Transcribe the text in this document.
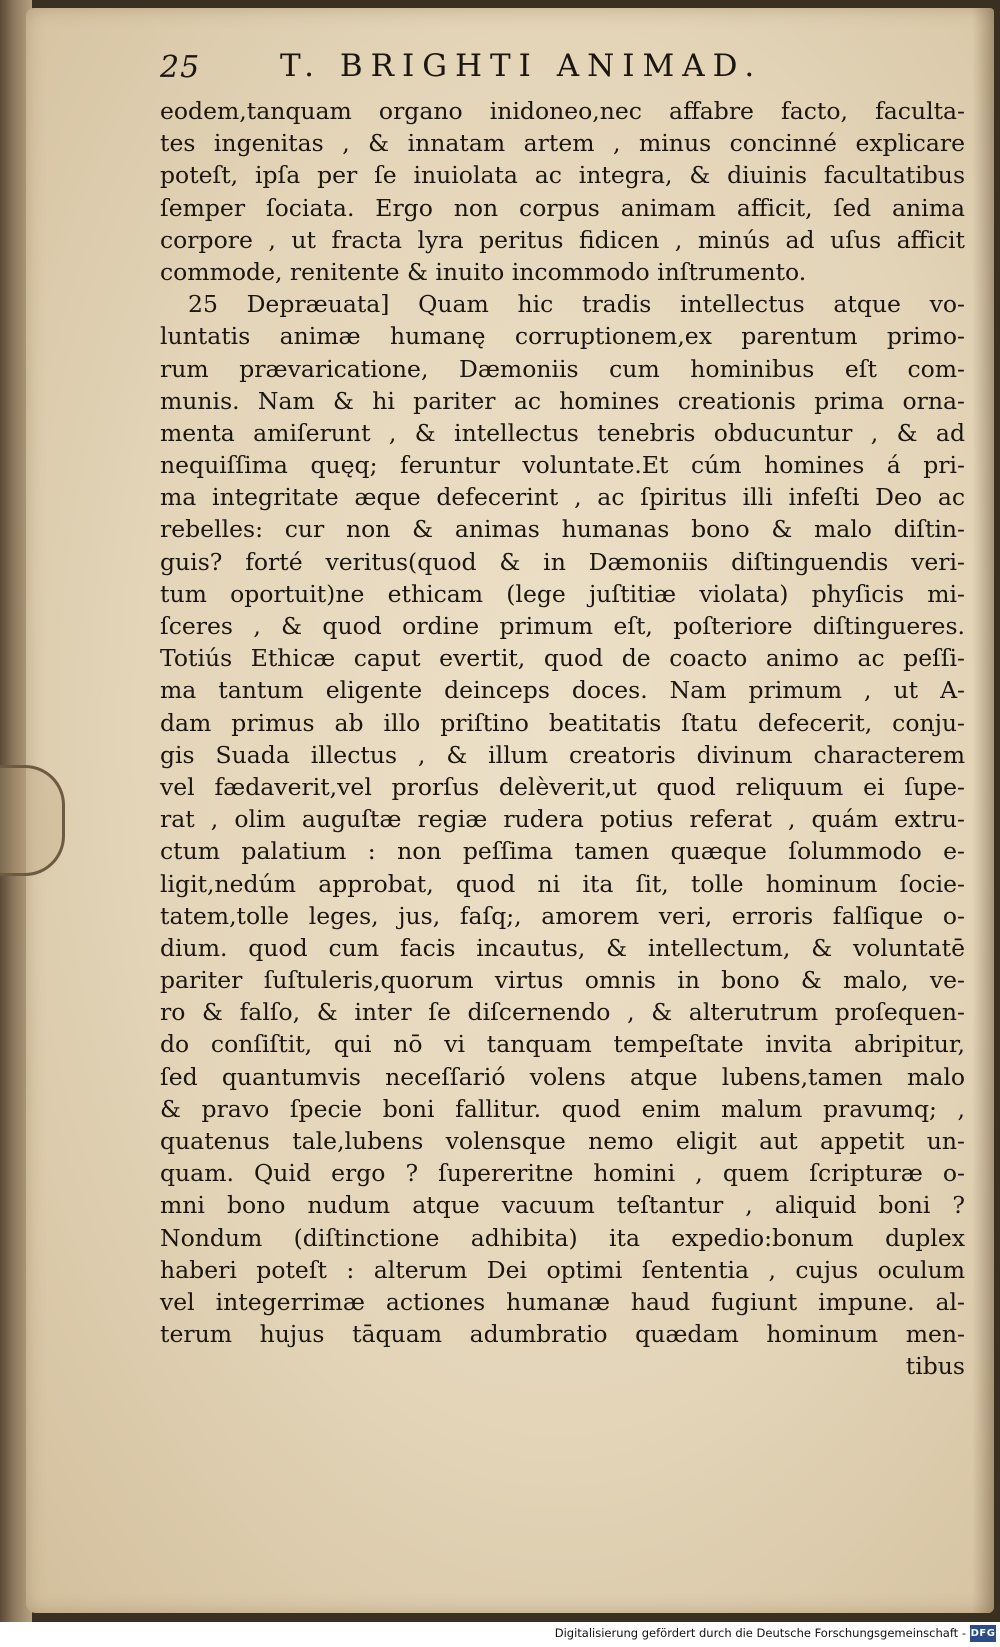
25	T. BRIGHTI ANIMAD.
eodem,tanquam organo inidoneo,nec affabre facto, faculta-
tes ingenitas , & innatam artem , minus concinné explicare
poteſt, ipſa per ſe inuiolata ac integra, & diuinis facultatibus
ſemper ſociata. Ergo non corpus animam afficit, ſed anima
corpore , ut fracta lyra peritus fidicen , minús ad uſus afficit
commode, renitente & inuito incommodo inſtrumento.
25 Depræuata] Quam hic tradis intellectus atque vo-
luntatis animæ humanę corruptionem,ex parentum primo-
rum prævaricatione, Dæmoniis cum hominibus eſt com-
munis. Nam & hi pariter ac homines creationis prima orna-
menta amiſerunt , & intellectus tenebris obducuntur , & ad
nequiſſima quęq; feruntur voluntate.Et cúm homines á pri-
ma integritate æque defecerint , ac ſpiritus illi infeſti Deo ac
rebelles: cur non & animas humanas bono & malo diſtin-
guis? forté veritus(quod & in Dæmoniis diſtinguendis veri-
tum oportuit)ne ethicam (lege juſtitiæ violata) phyſicis mi-
ſceres , & quod ordine primum eſt, poſteriore diſtingueres.
Totiús Ethicæ caput evertit, quod de coacto animo ac peſſi-
ma tantum eligente deinceps doces. Nam primum , ut A-
dam primus ab illo priſtino beatitatis ſtatu defecerit, conju-
gis Suada illectus , & illum creatoris divinum characterem
vel fædaverit,vel prorſus delèverit,ut quod reliquum ei ſupe-
rat , olim auguſtæ regiæ rudera potius referat , quám extru-
ctum palatium : non peſſima tamen quæque ſolummodo e-
ligit,nedúm approbat, quod ni ita ſit, tolle hominum ſocie-
tatem,tolle leges, jus, faſq;, amorem veri, erroris falſique o-
dium. quod cum facis incautus, & intellectum, & voluntatē
pariter ſuſtuleris,quorum virtus omnis in bono & malo, ve-
ro & falſo, & inter ſe diſcernendo , & alterutrum proſequen-
do conſiſtit, qui nō vi tanquam tempeſtate invita abripitur,
ſed quantumvis neceſſarió volens atque lubens,tamen malo
& pravo ſpecie boni fallitur. quod enim malum pravumq; ,
quatenus tale,lubens volensque nemo eligit aut appetit un-
quam. Quid ergo ? ſupereritne homini , quem ſcripturæ o-
mni bono nudum atque vacuum teſtantur , aliquid boni ?
Nondum (diſtinctione adhibita) ita expedio:bonum duplex
haberi poteſt : alterum Dei optimi ſententia , cujus oculum
vel integerrimæ actiones humanæ haud fugiunt impune. al-
terum hujus tāquam adumbratio quædam hominum men-
tibus
Digitalisierung gefördert durch die Deutsche Forschungsgemeinschaft - DFG
